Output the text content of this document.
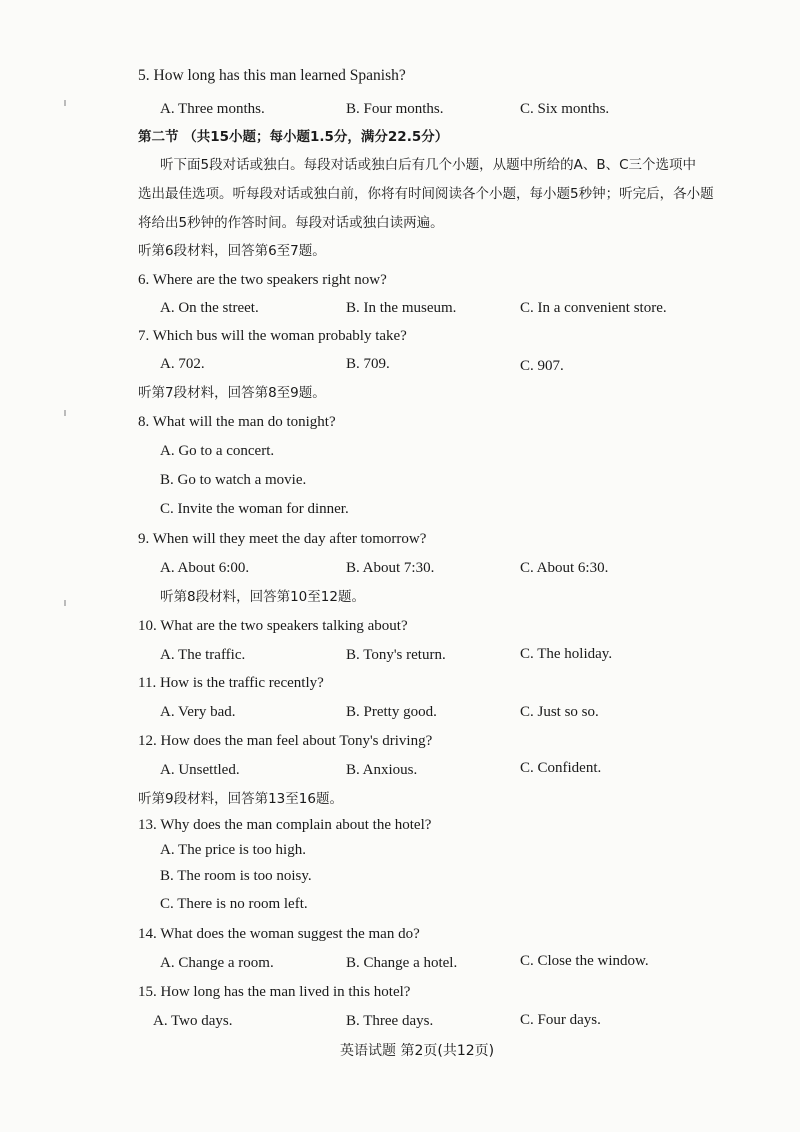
5. How long has this man learned Spanish?
A. Three months.	B. Four months.	C. Six months.
第二节 （共15小题；每小题1.5分，满分22.5分）
听下面5段对话或独白。每段对话或独白后有几个小题，从题中所给的A、B、C三个选项中
选出最佳选项。听每段对话或独白前，你将有时间阅读各个小题，每小题5秒钟；听完后，各小题
将给出5秒钟的作答时间。每段对话或独白读两遍。
听第6段材料，回答第6至7题。
6. Where are the two speakers right now?
A. On the street.	B. In the museum.	C. In a convenient store.
7. Which bus will the woman probably take?
A. 702.	B. 709.	C. 907.
听第7段材料，回答第8至9题。
8. What will the man do tonight?
A. Go to a concert.
B. Go to watch a movie.
C. Invite the woman for dinner.
9. When will they meet the day after tomorrow?
A. About 6:00.	B. About 7:30.	C. About 6:30.
听第8段材料，回答第10至12题。
10. What are the two speakers talking about?
A. The traffic.	B. Tony's return.	C. The holiday.
11. How is the traffic recently?
A. Very bad.	B. Pretty good.	C. Just so so.
12. How does the man feel about Tony's driving?
A. Unsettled.	B. Anxious.	C. Confident.
听第9段材料，回答第13至16题。
13. Why does the man complain about the hotel?
A. The price is too high.
B. The room is too noisy.
C. There is no room left.
14. What does the woman suggest the man do?
A. Change a room.	B. Change a hotel.	C. Close the window.
15. How long has the man lived in this hotel?
A. Two days.	B. Three days.	C. Four days.
英语试题 第2页(共12页)
